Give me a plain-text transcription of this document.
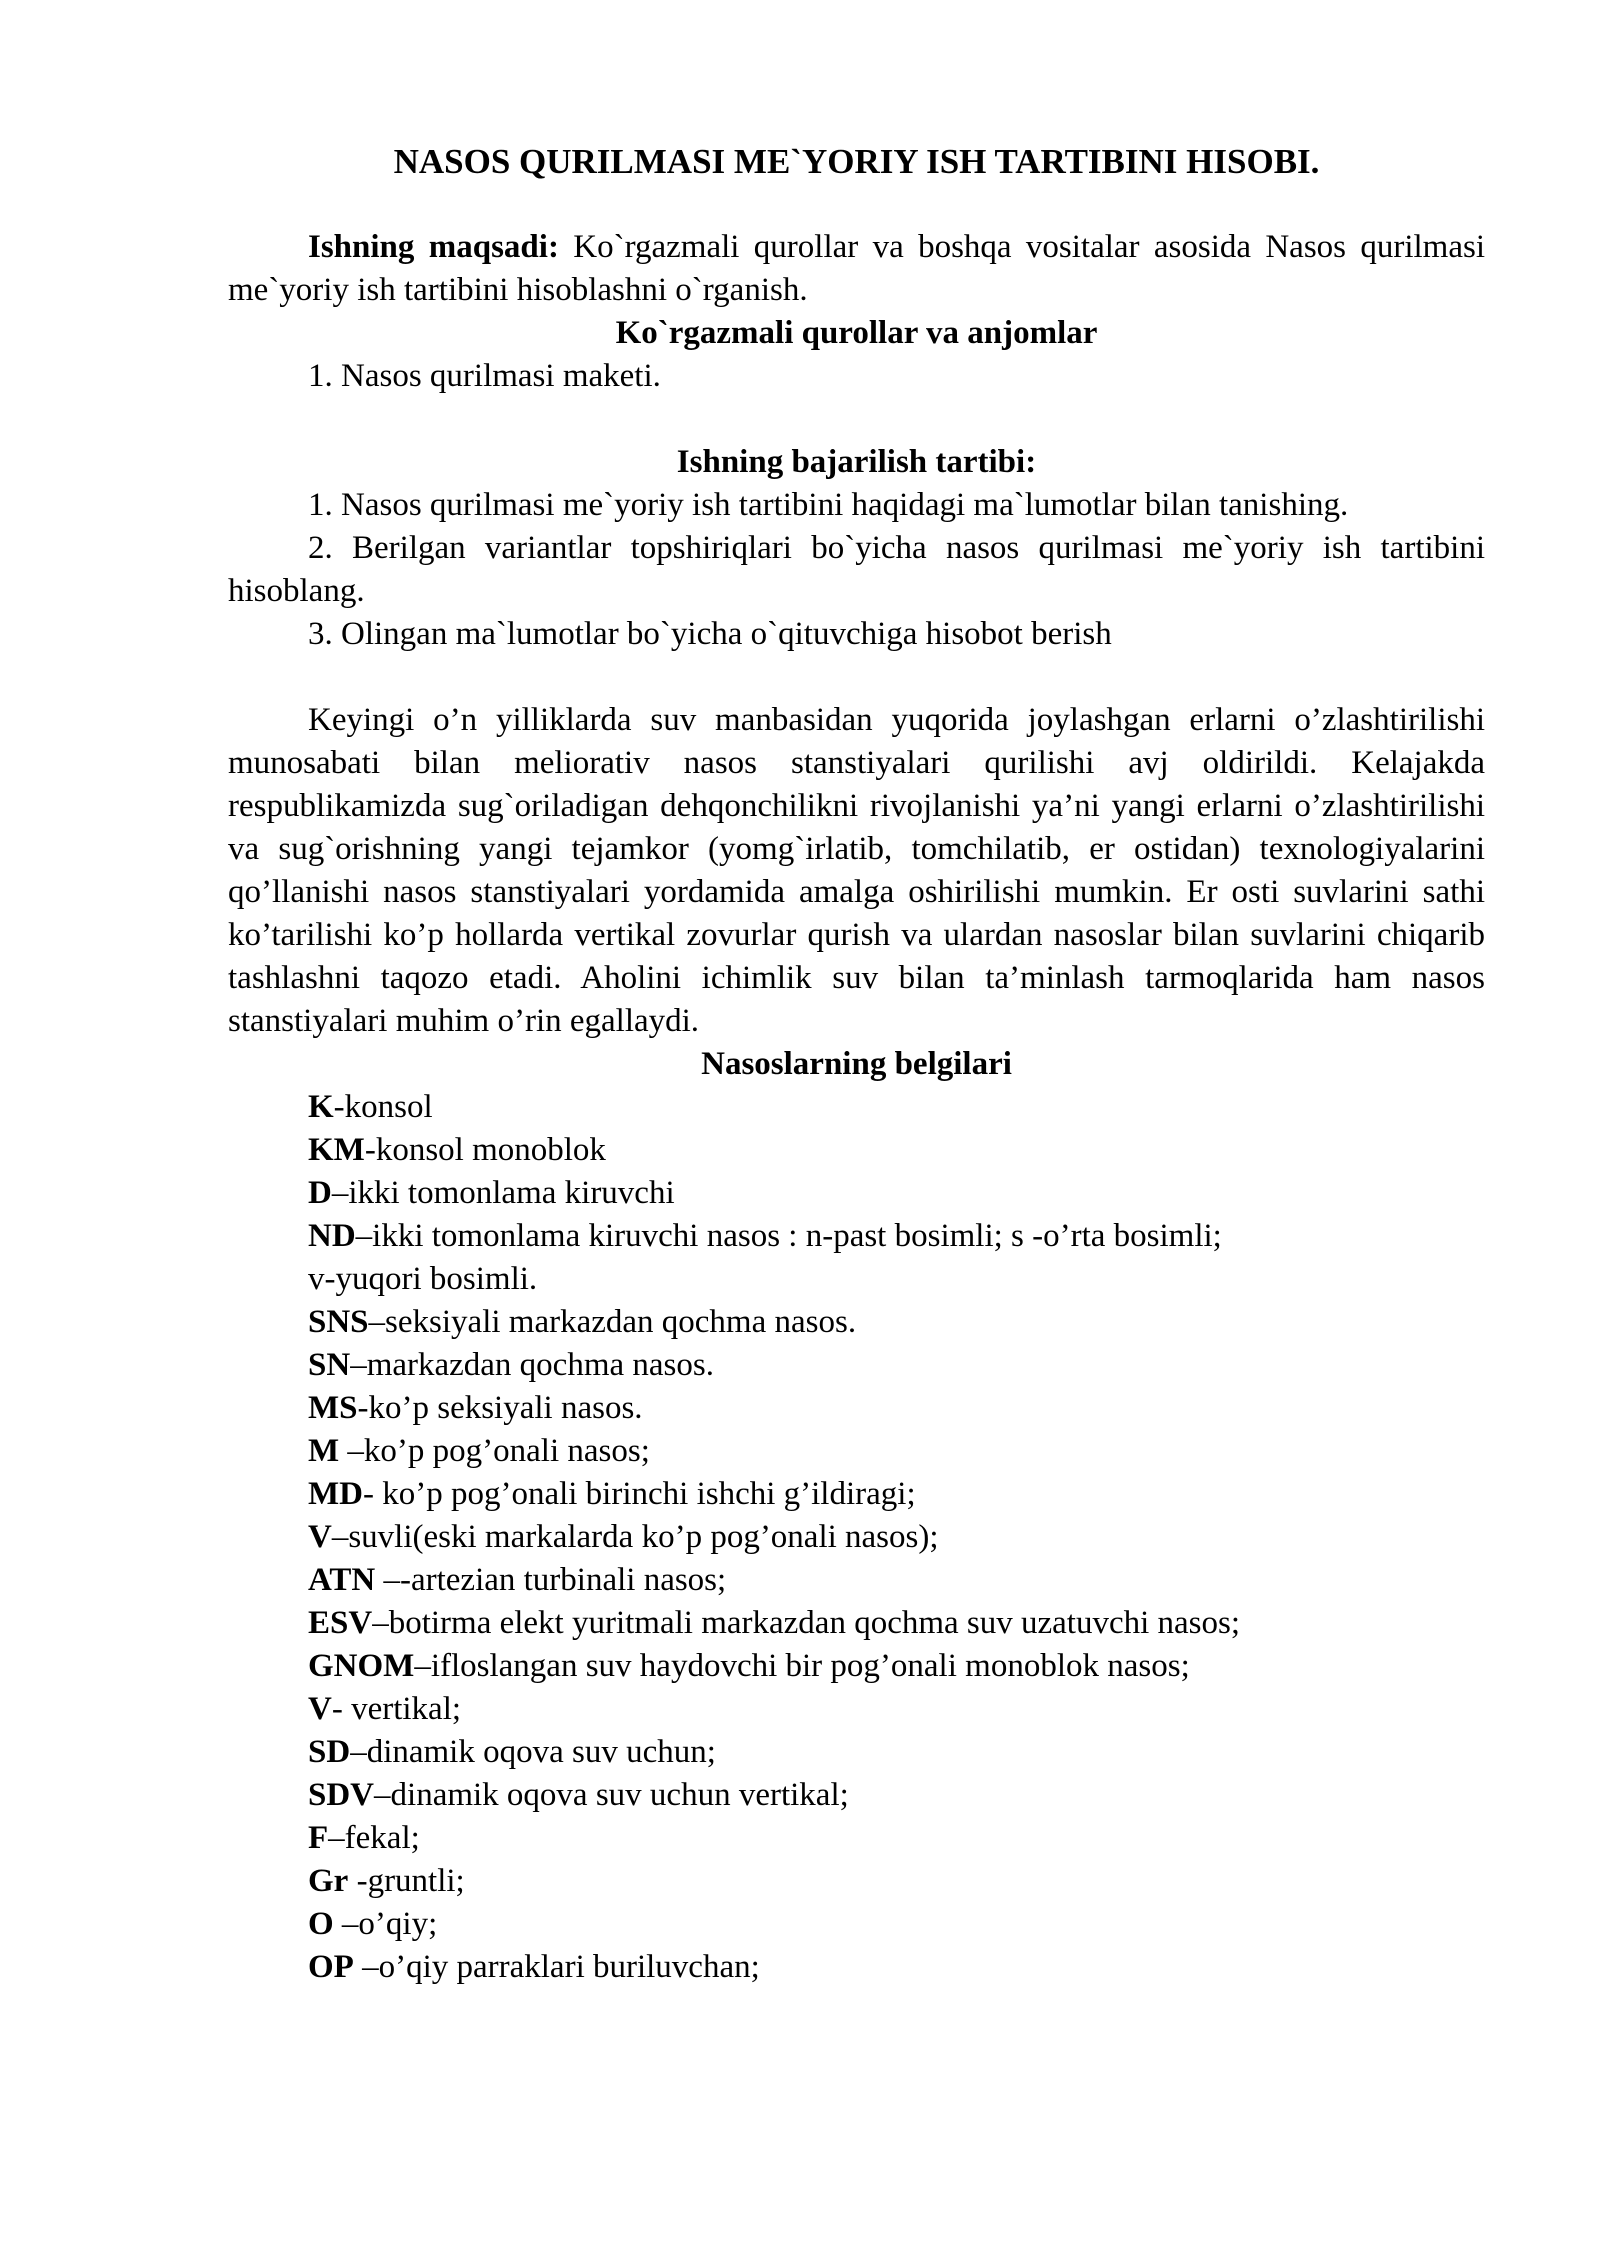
NASOS QURILMASI ME`YORIY ISH TARTIBINI HISOBI.

Ishning maqsadi: Ko`rgazmali qurollar va boshqa vositalar asosida Nasos qurilmasi me`yoriy ish tartibini hisoblashni o`rganish.

Ko`rgazmali qurollar va anjomlar

1. Nasos qurilmasi maketi.

Ishning bajarilish tartibi:

1. Nasos qurilmasi me`yoriy ish tartibini haqidagi ma`lumotlar bilan tanishing.

2. Berilgan variantlar topshiriqlari bo`yicha nasos qurilmasi me`yoriy ish tartibini hisoblang.

3. Olingan ma`lumotlar bo`yicha o`qituvchiga hisobot berish

Keyingi o’n yilliklarda suv manbasidan yuqorida joylashgan erlarni o’zlashtirilishi munosabati bilan meliorativ nasos stanstiyalari qurilishi avj oldirildi. Kelajakda respublikamizda sug`oriladigan dehqonchilikni rivojlanishi ya’ni yangi erlarni o’zlashtirilishi va sug`orishning yangi tejamkor (yomg`irlatib, tomchilatib, er ostidan) texnologiyalarini qo’llanishi nasos stanstiyalari yordamida amalga oshirilishi mumkin. Er osti suvlarini sathi ko’tarilishi ko’p hollarda vertikal zovurlar qurish va ulardan nasoslar bilan suvlarini chiqarib tashlashni taqozo etadi. Aholini ichimlik suv bilan ta’minlash tarmoqlarida ham nasos stanstiyalari muhim o’rin egallaydi.

Nasoslarning belgilari

K-konsol

KM-konsol monoblok

D–ikki tomonlama kiruvchi

ND–ikki tomonlama kiruvchi nasos : n-past bosimli; s -o’rta bosimli;

v-yuqori bosimli.

SNS–seksiyali markazdan qochma nasos.

SN–markazdan qochma nasos.

MS-ko’p seksiyali nasos.

M –ko’p pog’onali nasos;

MD- ko’p pog’onali birinchi ishchi g’ildiragi;

V–suvli(eski markalarda ko’p pog’onali nasos);

ATN –-artezian turbinali nasos;

ESV–botirma elekt yuritmali markazdan qochma suv uzatuvchi nasos;

GNOM–ifloslangan suv haydovchi bir pog’onali monoblok nasos;

V- vertikal;

SD–dinamik oqova suv uchun;

SDV–dinamik oqova suv uchun vertikal;

F–fekal;

Gr -gruntli;

O –o’qiy;

OP –o’qiy parraklari buriluvchan;
